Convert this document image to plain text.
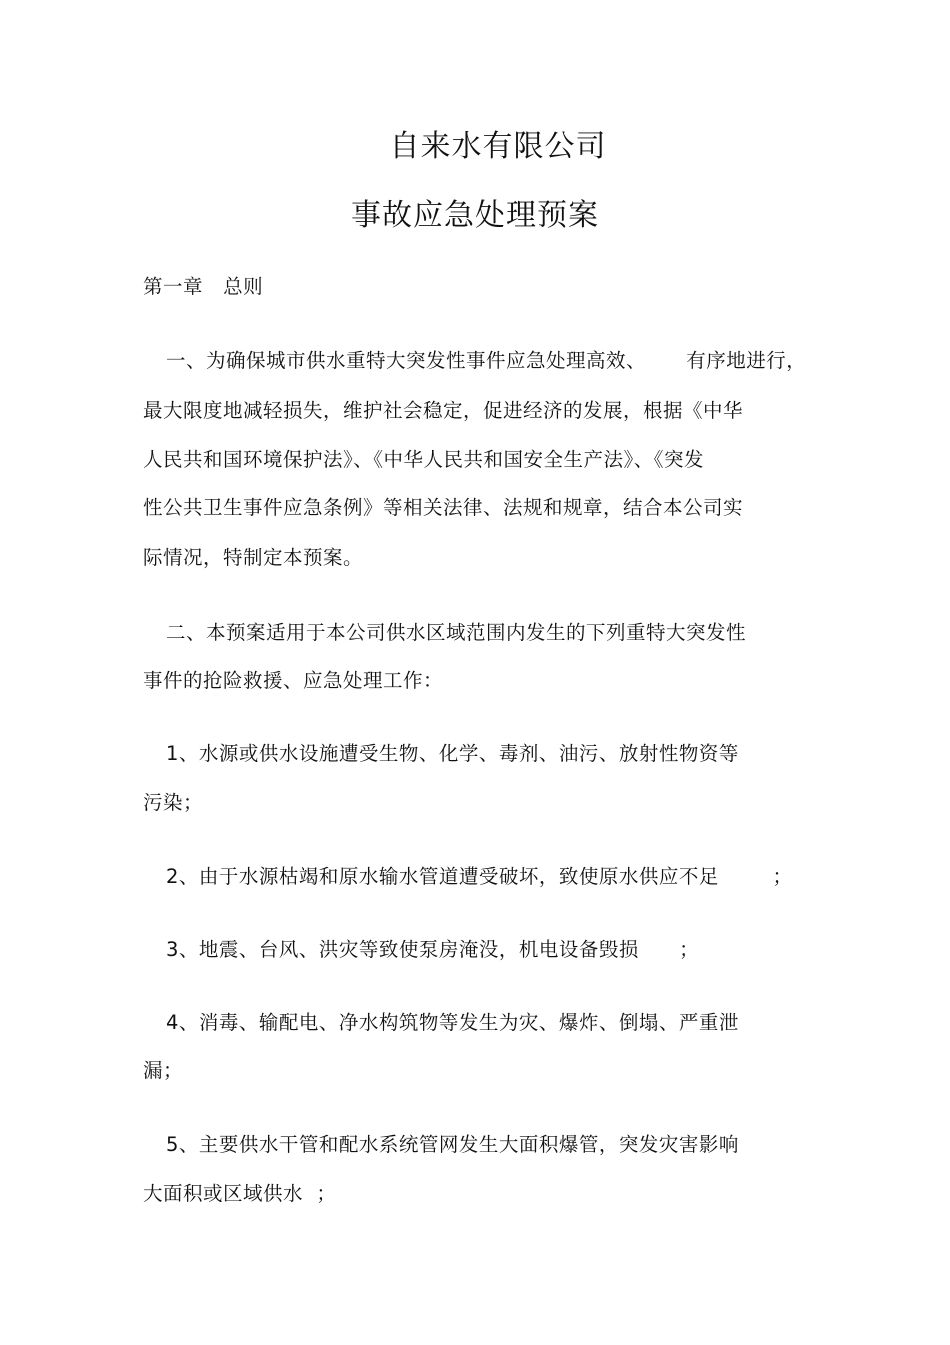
自来水有限公司
事故应急处理预案
第一章   总则
一、为确保城市供水重特大突发性事件应急处理高效、      有序地进行，
最大限度地减轻损失，维护社会稳定，促进经济的发展，根据《中华
人民共和国环境保护法》、《中华人民共和国安全生产法》、《突发
性公共卫生事件应急条例》等相关法律、法规和规章，结合本公司实
际情况，特制定本预案。
二、本预案适用于本公司供水区域范围内发生的下列重特大突发性
事件的抢险救援、应急处理工作：
1、水源或供水设施遭受生物、化学、毒剂、油污、放射性物资等
污染；
2、由于水源枯竭和原水输水管道遭受破坏，致使原水供应不足        ；
3、地震、台风、洪灾等致使泵房淹没，机电设备毁损      ；
4、消毒、输配电、净水构筑物等发生为灾、爆炸、倒塌、严重泄
漏；
5、主要供水干管和配水系统管网发生大面积爆管，突发灾害影响
大面积或区域供水  ；
